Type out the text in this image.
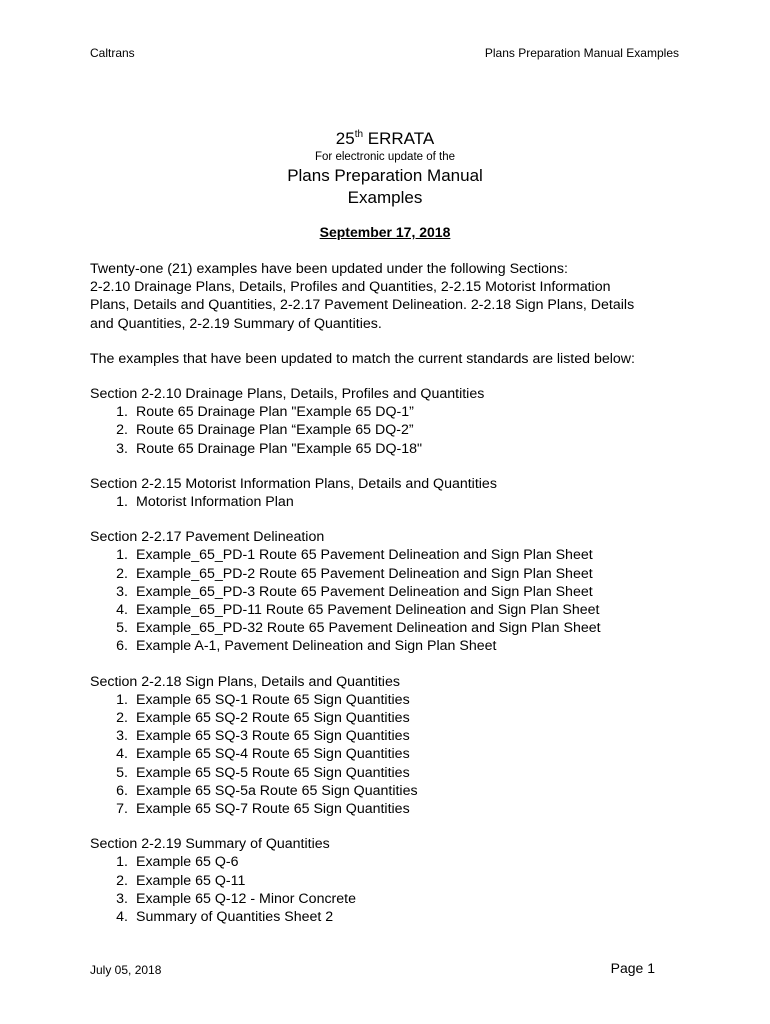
Caltrans	Plans Preparation Manual Examples
25th ERRATA
For electronic update of the
Plans Preparation Manual
Examples
September 17, 2018
Twenty-one (21) examples have been updated under the following Sections:
2-2.10 Drainage Plans, Details, Profiles and Quantities, 2-2.15 Motorist Information
Plans, Details and Quantities, 2-2.17 Pavement Delineation. 2-2.18 Sign Plans, Details
and Quantities, 2-2.19 Summary of Quantities.
The examples that have been updated to match the current standards are listed below:
Section 2-2.10 Drainage Plans, Details, Profiles and Quantities
1. Route 65 Drainage Plan "Example 65 DQ-1”
2. Route 65 Drainage Plan “Example 65 DQ-2”
3. Route 65 Drainage Plan "Example 65 DQ-18"
Section 2-2.15 Motorist Information Plans, Details and Quantities
1. Motorist Information Plan
Section 2-2.17 Pavement Delineation
1. Example_65_PD-1 Route 65 Pavement Delineation and Sign Plan Sheet
2. Example_65_PD-2 Route 65 Pavement Delineation and Sign Plan Sheet
3. Example_65_PD-3 Route 65 Pavement Delineation and Sign Plan Sheet
4. Example_65_PD-11 Route 65 Pavement Delineation and Sign Plan Sheet
5. Example_65_PD-32 Route 65 Pavement Delineation and Sign Plan Sheet
6. Example A-1, Pavement Delineation and Sign Plan Sheet
Section 2-2.18 Sign Plans, Details and Quantities
1. Example 65 SQ-1 Route 65 Sign Quantities
2. Example 65 SQ-2 Route 65 Sign Quantities
3. Example 65 SQ-3 Route 65 Sign Quantities
4. Example 65 SQ-4 Route 65 Sign Quantities
5. Example 65 SQ-5 Route 65 Sign Quantities
6. Example 65 SQ-5a Route 65 Sign Quantities
7. Example 65 SQ-7 Route 65 Sign Quantities
Section 2-2.19 Summary of Quantities
1. Example 65 Q-6
2. Example 65 Q-11
3. Example 65 Q-12 - Minor Concrete
4. Summary of Quantities Sheet 2
July 05, 2018	Page 1
